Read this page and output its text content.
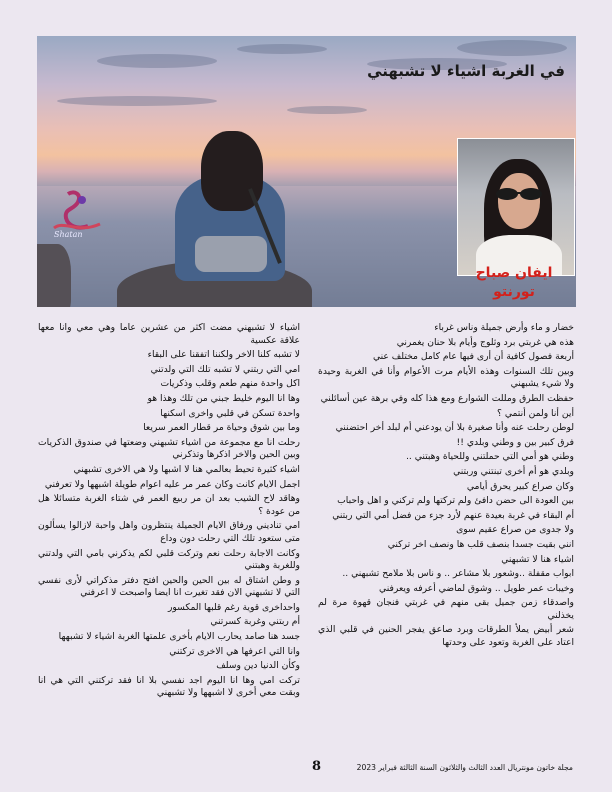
في الغربة اشياء لا تشبهني
Shatan
ايفان صباح
تورنتو

خضار و ماء وأرض جميلة وناس غرباء

هذه هي غربتي برد وثلوج وأيام بلا حنان يغمرني

أربعة فصول كافية أن أرى فيها عام كامل مختلف عني

وبين تلك السنوات وهذه الأيام مرت الأعوام وأنا في الغربة وحيدة ولا شيء يشبهني

حفظت الطرق ومللت الشوارع ومع هذا كله وفي برهة عين أسائلني

أين أنا ولمن أنتمي ؟

لوطن رحلت عنه وأنا صغيرة بلا أن يودعني أم لبلد أخر احتضنني

فرق كبير بين و وطني وبلدي !!

وطني هو أمي التي حملتني وللحياة وهبتني ..

وبلدي هو أم أخرى تبنتني وربتني

وكان صراع كبير يحرق أيامي

بين العودة الى حضن دافئ ولم تركتها ولم تركني و اهل واحباب

أم البقاء في غربة بعيدة عنهم لأرد جزء من فضل أمي التي ربتني

ولا جدوى من صراع عقيم سوى

انني بقيت جسدا بنصف قلب ها ونصف اخر تركني

اشياء هنا لا تشبهني

ابواب مقفلة ..وشعور بلا مشاعر .. و ناس بلا ملامح تشبهني ..

وخيبات عمر طويل .. وشوق لماضي أعرفه ويعرفني

واصدقاء زمن جميل بقى منهم في غربتي فنجان قهوة مرة لم يخذلني

شعر أبيض يملأ الطرقات وبرد صاعق يفجر الحنين في قلبي الذي اعتاد على الغربة وتعود على وحدتها

اشياء لا تشبهني مضت اكثر من عشرين عاما وهي معي وانا معها علاقة عكسية

لا تشبه كلنا الاخر ولكننا اتفقنا على البقاء

امي التي ربتني لا تشبه تلك التي ولدتني

اكل واحدة منهم طعم وقلب وذكريات

وها انا اليوم خليط جبني من تلك وهذا هو

واحدة تسكن في قلبي واخرى اسكنها

وما بين شوق وحياة مر قطار العمر سريعا

رحلت انا مع مجموعة من اشياء تشبهني وضعتها في صندوق الذكريات وبين الحين والاخر اذكرها وتذكرني

اشياء كثيرة تحيط بعالمي هنا لا اشبها ولا هي الاخرى تشبهني

اجمل الايام كانت وكان عمر مر عليه اعوام طويلة اشبهها ولا تعرفني

وهاقد لاح الشيب بعد ان مر ربيع العمر في شتاء الغربة متسائلا هل من عودة ؟

امي تناديني ورفاق الايام الجميلة ينتظرون واهل واحبة لازالوا يسألون متى ستعود تلك التي رحلت دون وداع

وكانت الاجابة رحلت نعم وتركت قلبي لكم يذكرني بامي التي ولدتني وللغربة وهبتني

و وطن اشتاق له بين الحين والحين افتح دفتر مذكراتي لأرى نفسي التي لا تشبهني الان فقد تغيرت انا ايضا واصبحت لا اعرفني

واحداخرى قوية رغم قلبها المكسور

أم ربتني وغربة كسرتني

جسد هنا صامد يحارب الايام بأخرى علمتها الغربة اشياء لا تشبهها

وانا التي اعرفها هي الاخرى تركتني

وكأن الدنيا دين وسلف

تركت امي وها انا اليوم اجد نفسي بلا انا فقد تركتني التي هي انا وبقت معي أخرى لا اشبهها ولا تشبهني

8	مجلة خاتون مونتريال العدد الثالث والثلاثون السنة الثالثة فبراير 2023
